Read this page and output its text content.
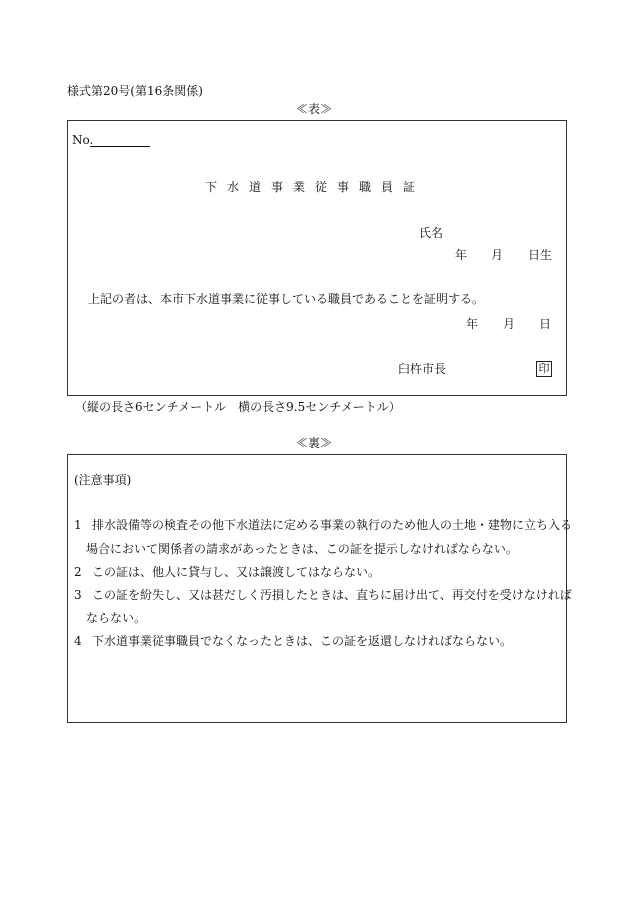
様式第20号(第16条関係)
≪表≫
No.
下水道事業従事職員証
氏名
年 月 日生
上記の者は、本市下水道事業に従事している職員であることを証明する。
年 月 日
臼杵市長	印
（縦の長さ6センチメートル　横の長さ9.5センチメートル）
≪裏≫
(注意事項)
1 排水設備等の検査その他下水道法に定める事業の執行のため他人の土地・建物に立ち入る
場合において関係者の請求があったときは、この証を提示しなければならない。
2 この証は、他人に貸与し、又は譲渡してはならない。
3 この証を紛失し、又は甚だしく汚損したときは、直ちに届け出て、再交付を受けなければ
ならない。
4 下水道事業従事職員でなくなったときは、この証を返還しなければならない。
